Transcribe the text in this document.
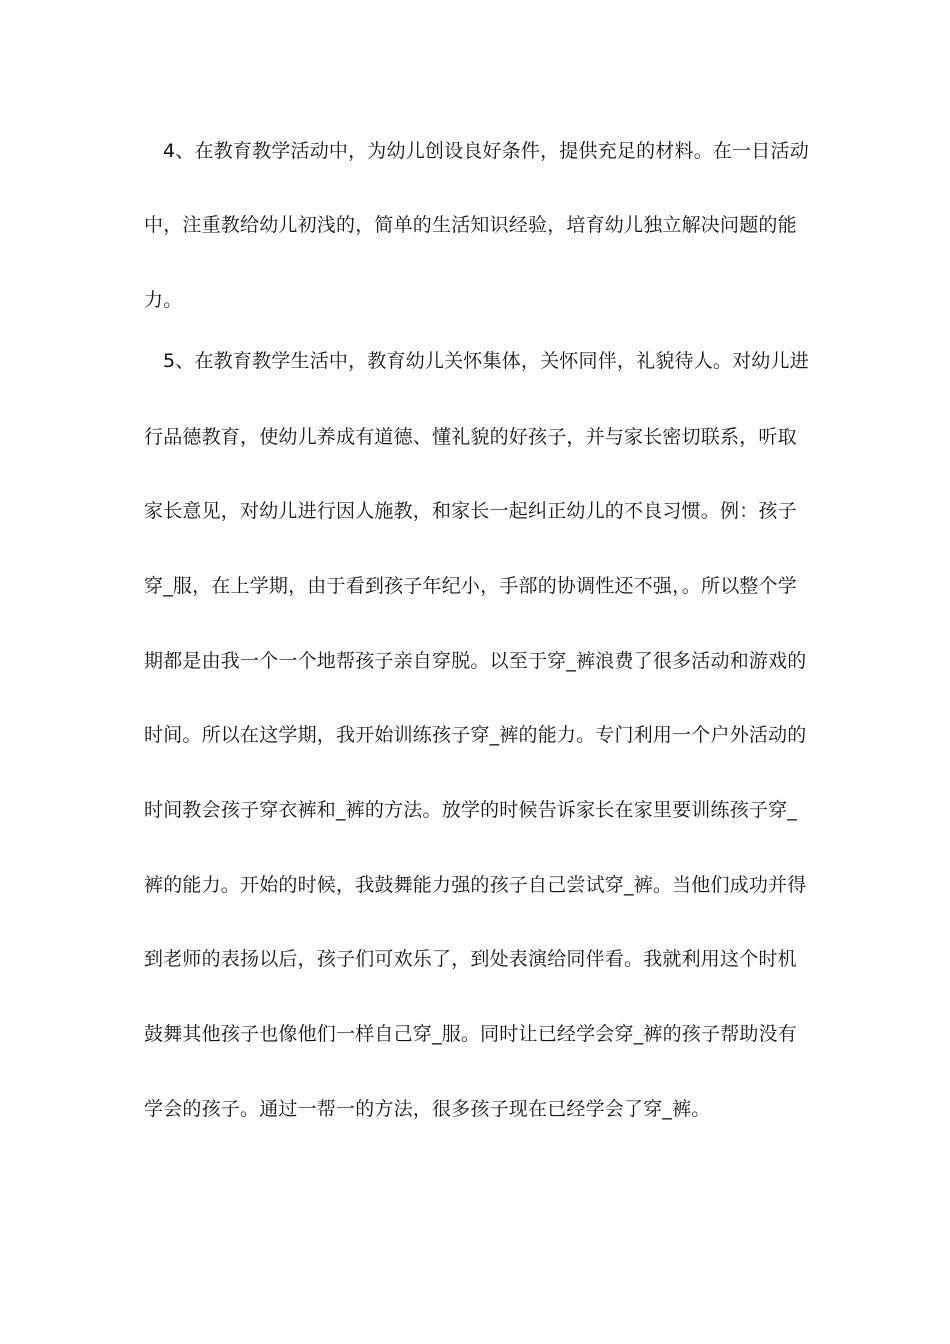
4、在教育教学活动中，为幼儿创设良好条件，提供充足的材料。在一日活动
中，注重教给幼儿初浅的，简单的生活知识经验，培育幼儿独立解决问题的能
力。
5、在教育教学生活中，教育幼儿关怀集体，关怀同伴，礼貌待人。对幼儿进
行品德教育，使幼儿养成有道德、懂礼貌的好孩子，并与家长密切联系，听取
家长意见，对幼儿进行因人施教，和家长一起纠正幼儿的不良习惯。例：孩子
穿_服，在上学期，由于看到孩子年纪小，手部的协调性还不强，。所以整个学
期都是由我一个一个地帮孩子亲自穿脱。以至于穿_裤浪费了很多活动和游戏的
时间。所以在这学期，我开始训练孩子穿_裤的能力。专门利用一个户外活动的
时间教会孩子穿衣裤和_裤的方法。放学的时候告诉家长在家里要训练孩子穿_
裤的能力。开始的时候，我鼓舞能力强的孩子自己尝试穿_裤。当他们成功并得
到老师的表扬以后，孩子们可欢乐了，到处表演给同伴看。我就利用这个时机
鼓舞其他孩子也像他们一样自己穿_服。同时让已经学会穿_裤的孩子帮助没有
学会的孩子。通过一帮一的方法，很多孩子现在已经学会了穿_裤。
